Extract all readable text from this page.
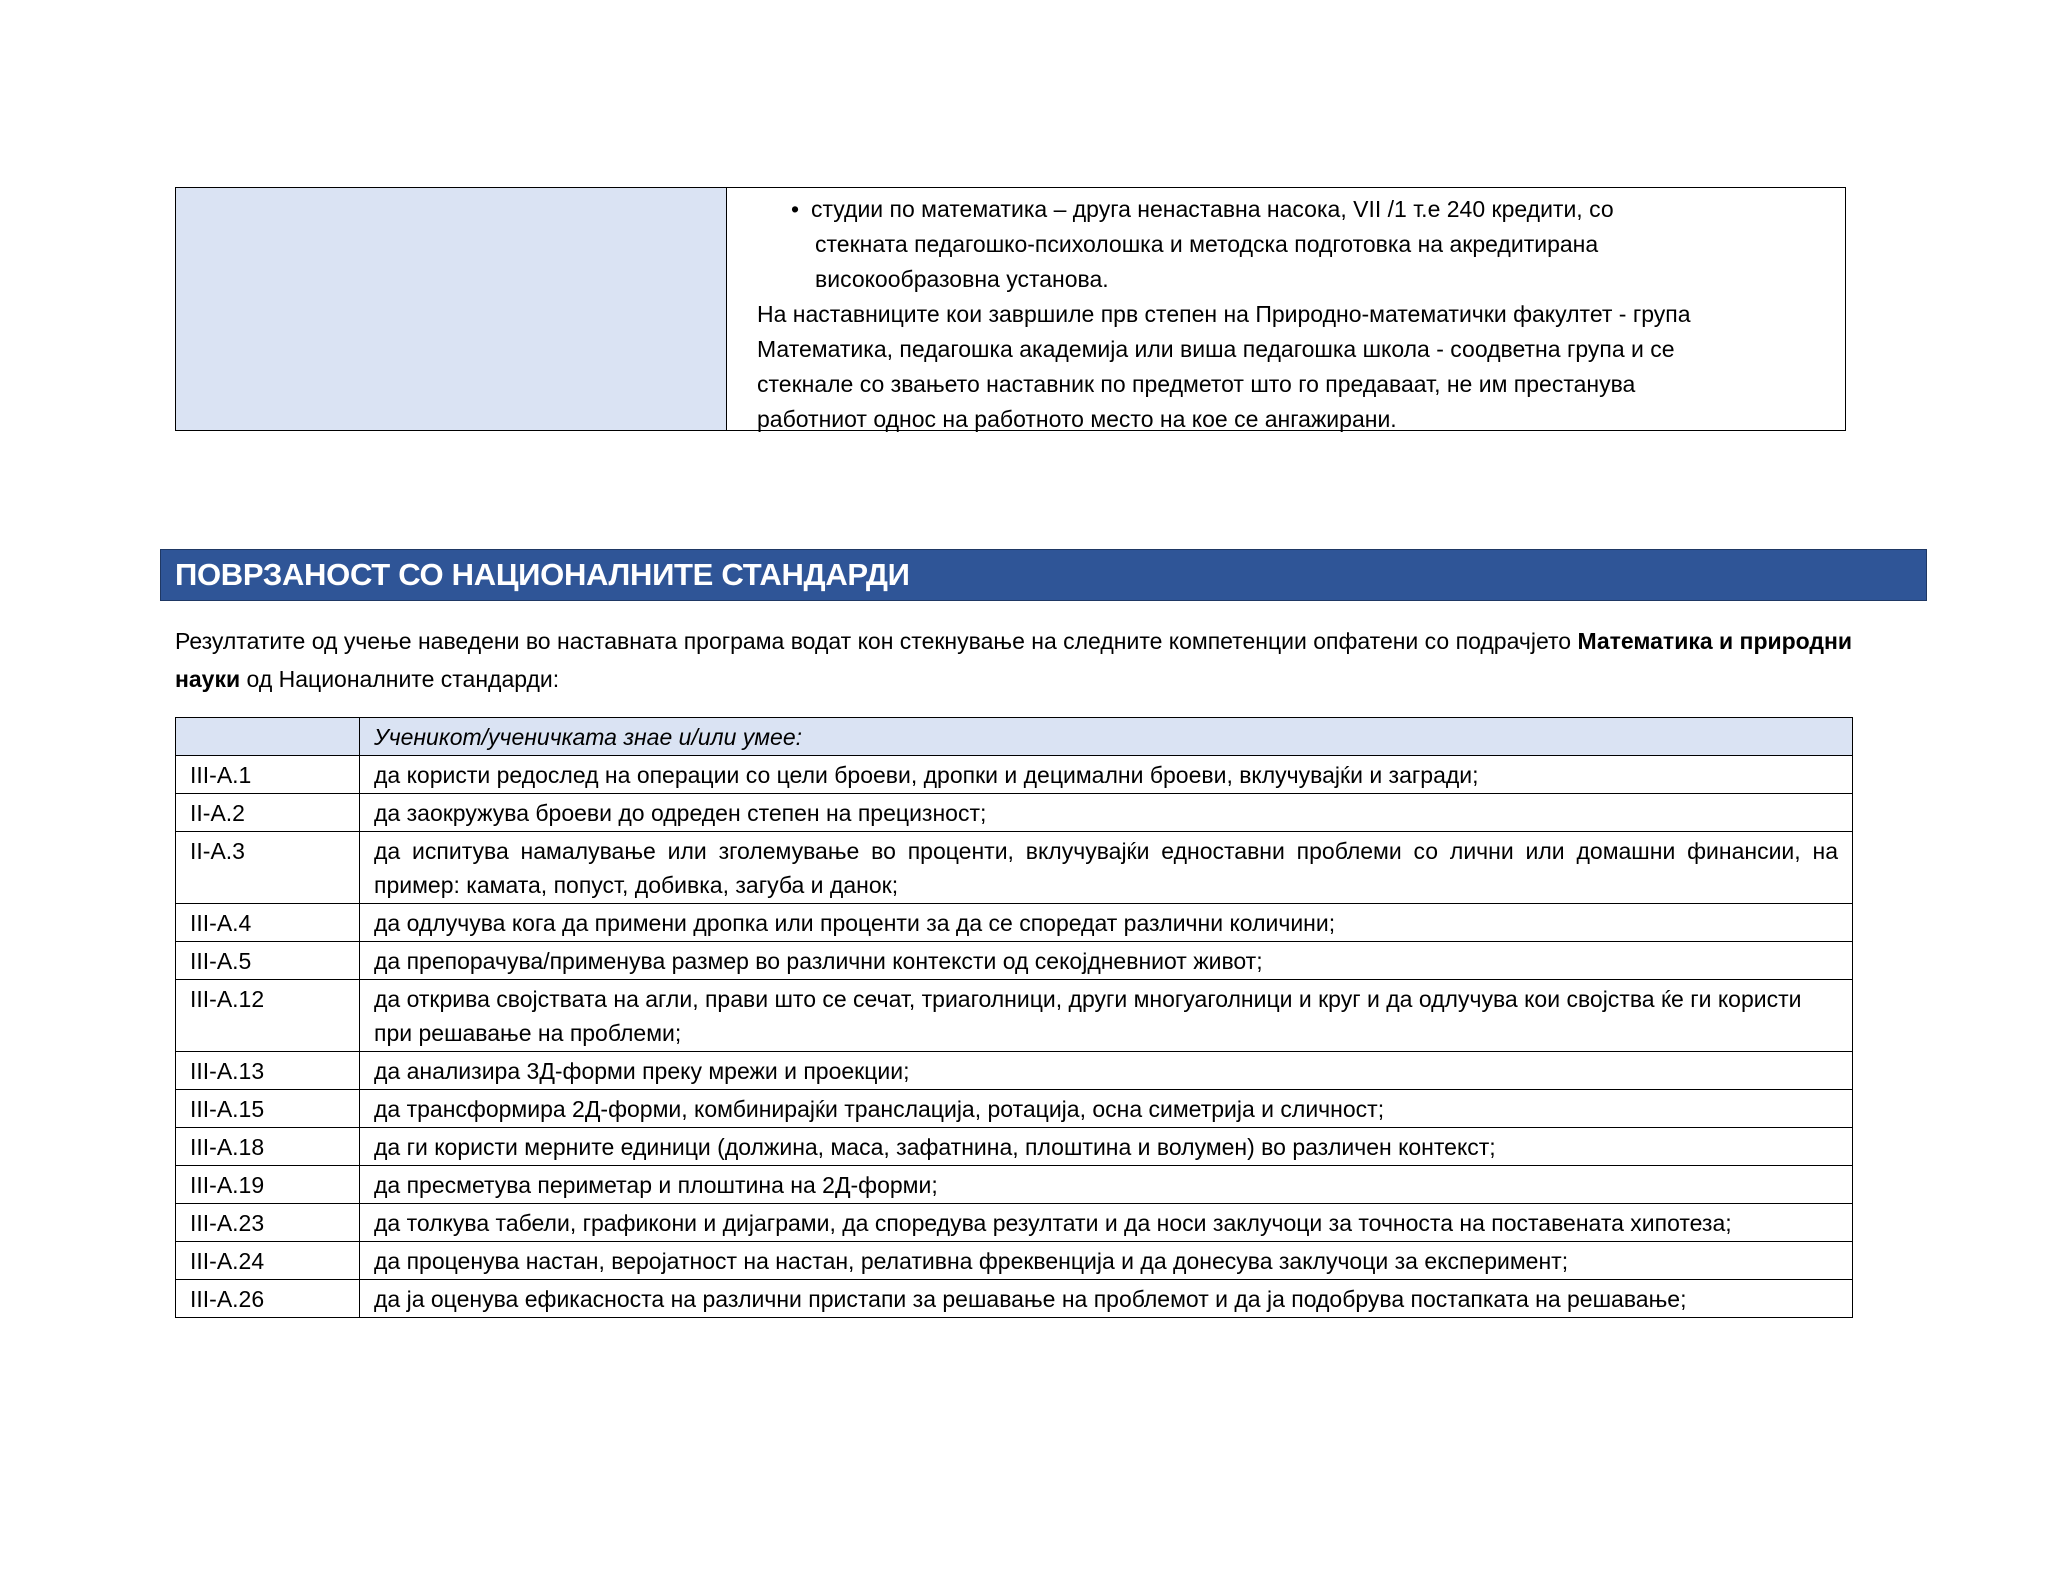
• студии по математика – друга ненаставна насока, VII /1 т.е 240 кредити, со
стекната педагошко-психолошка и методска подготовка на акредитирана
високообразовна установа.
На наставниците кои завршиле прв степен на Природно-математички факултет - група
Математика, педагошка академија или виша педагошка школа - соодветна група и се
стекнале со звањето наставник по предметот што го предаваат, не им престанува
работниот однос на работното место на кое се ангажирани.
ПОВРЗАНОСТ СО НАЦИОНАЛНИТЕ СТАНДАРДИ
Резултатите од учење наведени во наставната програма водат кон стекнување на следните компетенции опфатени со подрачјето Математика и природни науки од Националните стандарди:
	Ученикот/ученичката знае и/или умее:
III-A.1	да користи редослед на операции со цели броеви, дропки и децимални броеви, вклучувајќи и загради;
II-A.2	да заокружува броеви до одреден степен на прецизност;
II-A.3	да испитува намалување или зголемување во проценти, вклучувајќи едноставни проблеми со лични или домашни финансии, на пример: камата, попуст, добивка, загуба и данок;
III-A.4	да одлучува кога да примени дропка или проценти за да се споредат различни количини;
III-A.5	да препорачува/применува размер во различни контексти од секојдневниот живот;
III-A.12	да открива својствата на агли, прави што се сечат, триаголници, други многуаголници и круг и да одлучува кои својства ќе ги користи при решавање на проблеми;
III-A.13	да анализира 3Д-форми преку мрежи и проекции;
III-A.15	да трансформира 2Д-форми, комбинирајќи транслација, ротација, осна симетрија и сличност;
III-A.18	да ги користи мерните единици (должина, маса, зафатнина, плоштина и волумен) во различен контекст;
III-A.19	да пресметува периметар и плоштина на 2Д-форми;
III-A.23	да толкува табели, графикони и дијаграми, да споредува резултати и да носи заклучоци за точноста на поставената хипотеза;
III-A.24	да проценува настан, веројатност на настан, релативна фреквенција и да донесува заклучоци за експеримент;
III-A.26	да ја оценува ефикасноста на различни пристапи за решавање на проблемот и да ја подобрува постапката на решавање;
